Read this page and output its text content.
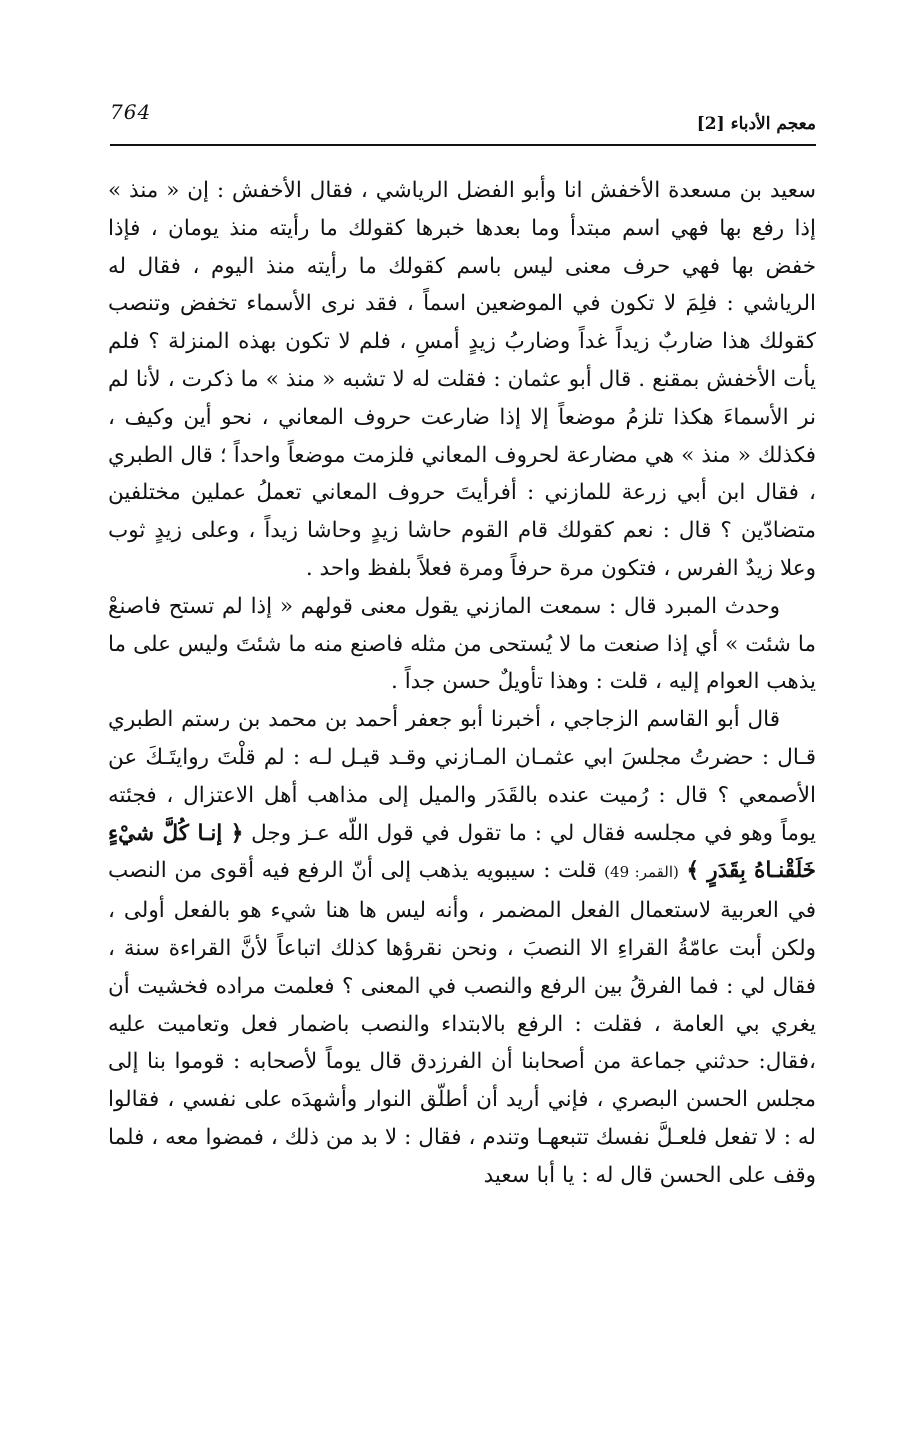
764	معجم الأدباء [2]

سعيد بن مسعدة الأخفش انا وأبو الفضل الرياشي ، فقال الأخفش : إن « منذ » إذا رفع بها فهي اسم مبتدأ وما بعدها خبرها كقولك ما رأيته منذ يومان ، فإذا خفض بها فهي حرف معنى ليس باسم كقولك ما رأيته منذ اليوم ، فقال له الرياشي : فلِمَ لا تكون في الموضعين اسماً ، فقد نرى الأسماء تخفض وتنصب كقولك هذا ضاربٌ زيداً غداً وضاربُ زيدٍ أمسِ ، فلم لا تكون بهذه المنزلة ؟ فلم يأت الأخفش بمقنع . قال أبو عثمان : فقلت له لا تشبه « منذ » ما ذكرت ، لأنا لم نر الأسماءَ هكذا تلزمُ موضعاً إلا إذا ضارعت حروف المعاني ، نحو أين وكيف ، فكذلك « منذ » هي مضارعة لحروف المعاني فلزمت موضعاً واحداً ؛ قال الطبري ، فقال ابن أبي زرعة للمازني : أفرأيتَ حروف المعاني تعملُ عملين مختلفين متضادّين ؟ قال : نعم كقولك قام القوم حاشا زيدٍ وحاشا زيداً ، وعلى زيدٍ ثوب وعلا زيدٌ الفرس ، فتكون مرة حرفاً ومرة فعلاً بلفظ واحد .

وحدث المبرد قال : سمعت المازني يقول معنى قولهم « إذا لم تستح فاصنعْ ما شئت » أي إذا صنعت ما لا يُستحى من مثله فاصنع منه ما شئتَ وليس على ما يذهب العوام إليه ، قلت : وهذا تأويلٌ حسن جداً .

قال أبو القاسم الزجاجي ، أخبرنا أبو جعفر أحمد بن محمد بن رستم الطبري قـال : حضرتُ مجلسَ ابي عثمـان المـازني وقـد قيـل لـه : لم قلْتَ روايتَـكَ عن الأصمعي ؟ قال : رُميت عنده بالقَدَر والميل إلى مذاهب أهل الاعتزال ، فجئته يوماً وهو في مجلسه فقال لي : ما تقول في قول اللّه عـز وجل ﴿ إنـا كُلَّ شيْءٍ خَلَقْنـاهُ بِقَدَرٍ ﴾ (القمر: 49) قلت : سيبويه يذهب إلى أنّ الرفع فيه أقوى من النصب في العربية لاستعمال الفعل المضمر ، وأنه ليس ها هنا شيء هو بالفعل أولى ، ولكن أبت عامّةُ القراءِ الا النصبَ ، ونحن نقرؤها كذلك اتباعاً لأنَّ القراءة سنة ، فقال لي : فما الفرقُ بين الرفع والنصب في المعنى ؟ فعلمت مراده فخشيت أن يغري بي العامة ، فقلت : الرفع بالابتداء والنصب باضمار فعل وتعاميت عليه ،فقال: حدثني جماعة من أصحابنا أن الفرزدق قال يوماً لأصحابه : قوموا بنا إلى مجلس الحسن البصري ، فإني أريد أن أطلّق النوار وأشهدَه على نفسي ، فقالوا له : لا تفعل فلعـلَّ نفسك تتبعهـا وتندم ، فقال : لا بد من ذلك ، فمضوا معه ، فلما وقف على الحسن قال له : يا أبا سعيد
